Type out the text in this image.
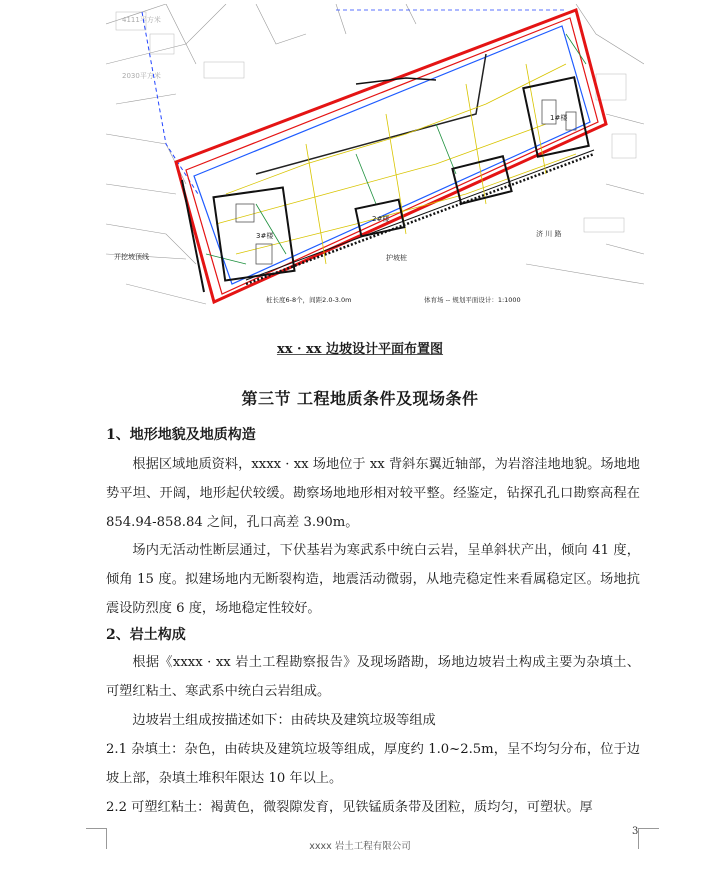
4111平方米
2030平方米
3#楼
2#楼
1#楼
开挖坡顶线	护坡桩
济 川 路
桩长度6-8个，间距2.0-3.0m	体育场 -- 规划平面设计：1:1000
xx · xx 边坡设计平面布置图
第三节 工程地质条件及现场条件
1、地形地貌及地质构造

根据区域地质资料，xxxx · xx 场地位于 xx 背斜东翼近轴部，为岩溶洼地地貌。场地地势平坦、开阔，地形起伏较缓。勘察场地地形相对较平整。经鉴定，钻探孔孔口勘察高程在 854.94-858.84 之间，孔口高差 3.90m。

场内无活动性断层通过，下伏基岩为寒武系中统白云岩，呈单斜状产出，倾向 41 度，倾角 15 度。拟建场地内无断裂构造，地震活动微弱，从地壳稳定性来看属稳定区。场地抗震设防烈度 6 度，场地稳定性较好。

2、岩土构成

根据《xxxx · xx 岩土工程勘察报告》及现场踏勘，场地边坡岩土构成主要为杂填土、可塑红粘土、寒武系中统白云岩组成。

边坡岩土组成按描述如下：由砖块及建筑垃圾等组成

2.1 杂填土：杂色，由砖块及建筑垃圾等组成，厚度约 1.0~2.5m，呈不均匀分布，位于边坡上部，杂填土堆积年限达 10 年以上。

2.2 可塑红粘土：褐黄色，微裂隙发育，见铁锰质条带及团粒，质均匀，可塑状。厚

xxxx 岩土工程有限公司
3
